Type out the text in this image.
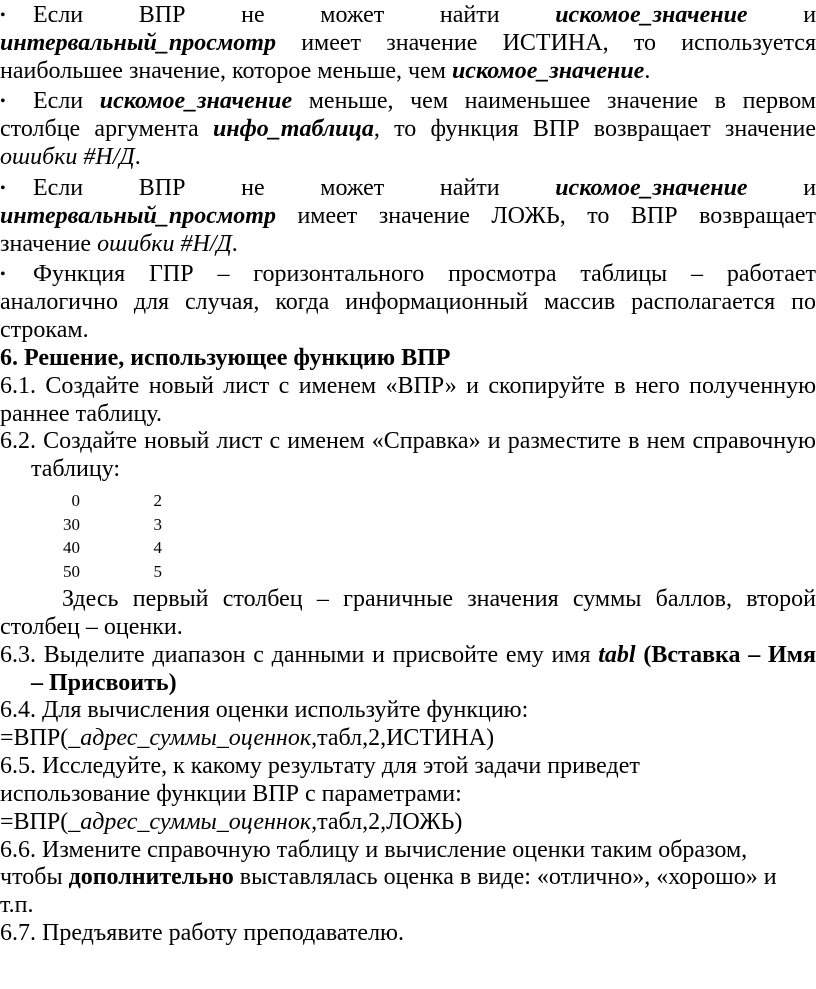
• Если ВПР не может найти искомое_значение и
интервальный_просмотр имеет значение ИСТИНА, то используется
наибольшее значение, которое меньше, чем искомое_значение.
• Если искомое_значение меньше, чем наименьшее значение в первом
столбце аргумента инфо_таблица, то функция ВПР возвращает значение
ошибки #Н/Д.
• Если ВПР не может найти искомое_значение и
интервальный_просмотр имеет значение ЛОЖЬ, то ВПР возвращает
значение ошибки #Н/Д.
• Функция ГПР – горизонтального просмотра таблицы – работает
аналогично для случая, когда информационный массив располагается по
строкам.
6. Решение, использующее функцию ВПР
6.1. Создайте новый лист с именем «ВПР» и скопируйте в него полученную
раннее таблицу.
6.2. Создайте новый лист с именем «Справка» и разместите в нем справочную
таблицу:
0	2
30	3
40	4
50	5
Здесь первый столбец – граничные значения суммы баллов, второй
столбец – оценки.
6.3. Выделите диапазон с данными и присвойте ему имя tabl (Вставка – Имя
– Присвоить)
6.4. Для вычисления оценки используйте функцию:
=ВПР(_адрес_суммы_оценнок,табл,2,ИСТИНА)
6.5. Исследуйте, к какому результату для этой задачи приведет
использование функции ВПР с параметрами:
=ВПР(_адрес_суммы_оценнок,табл,2,ЛОЖЬ)
6.6. Измените справочную таблицу и вычисление оценки таким образом,
чтобы дополнительно выставлялась оценка в виде: «отлично», «хорошо» и
т.п.
6.7. Предъявите работу преподавателю.
